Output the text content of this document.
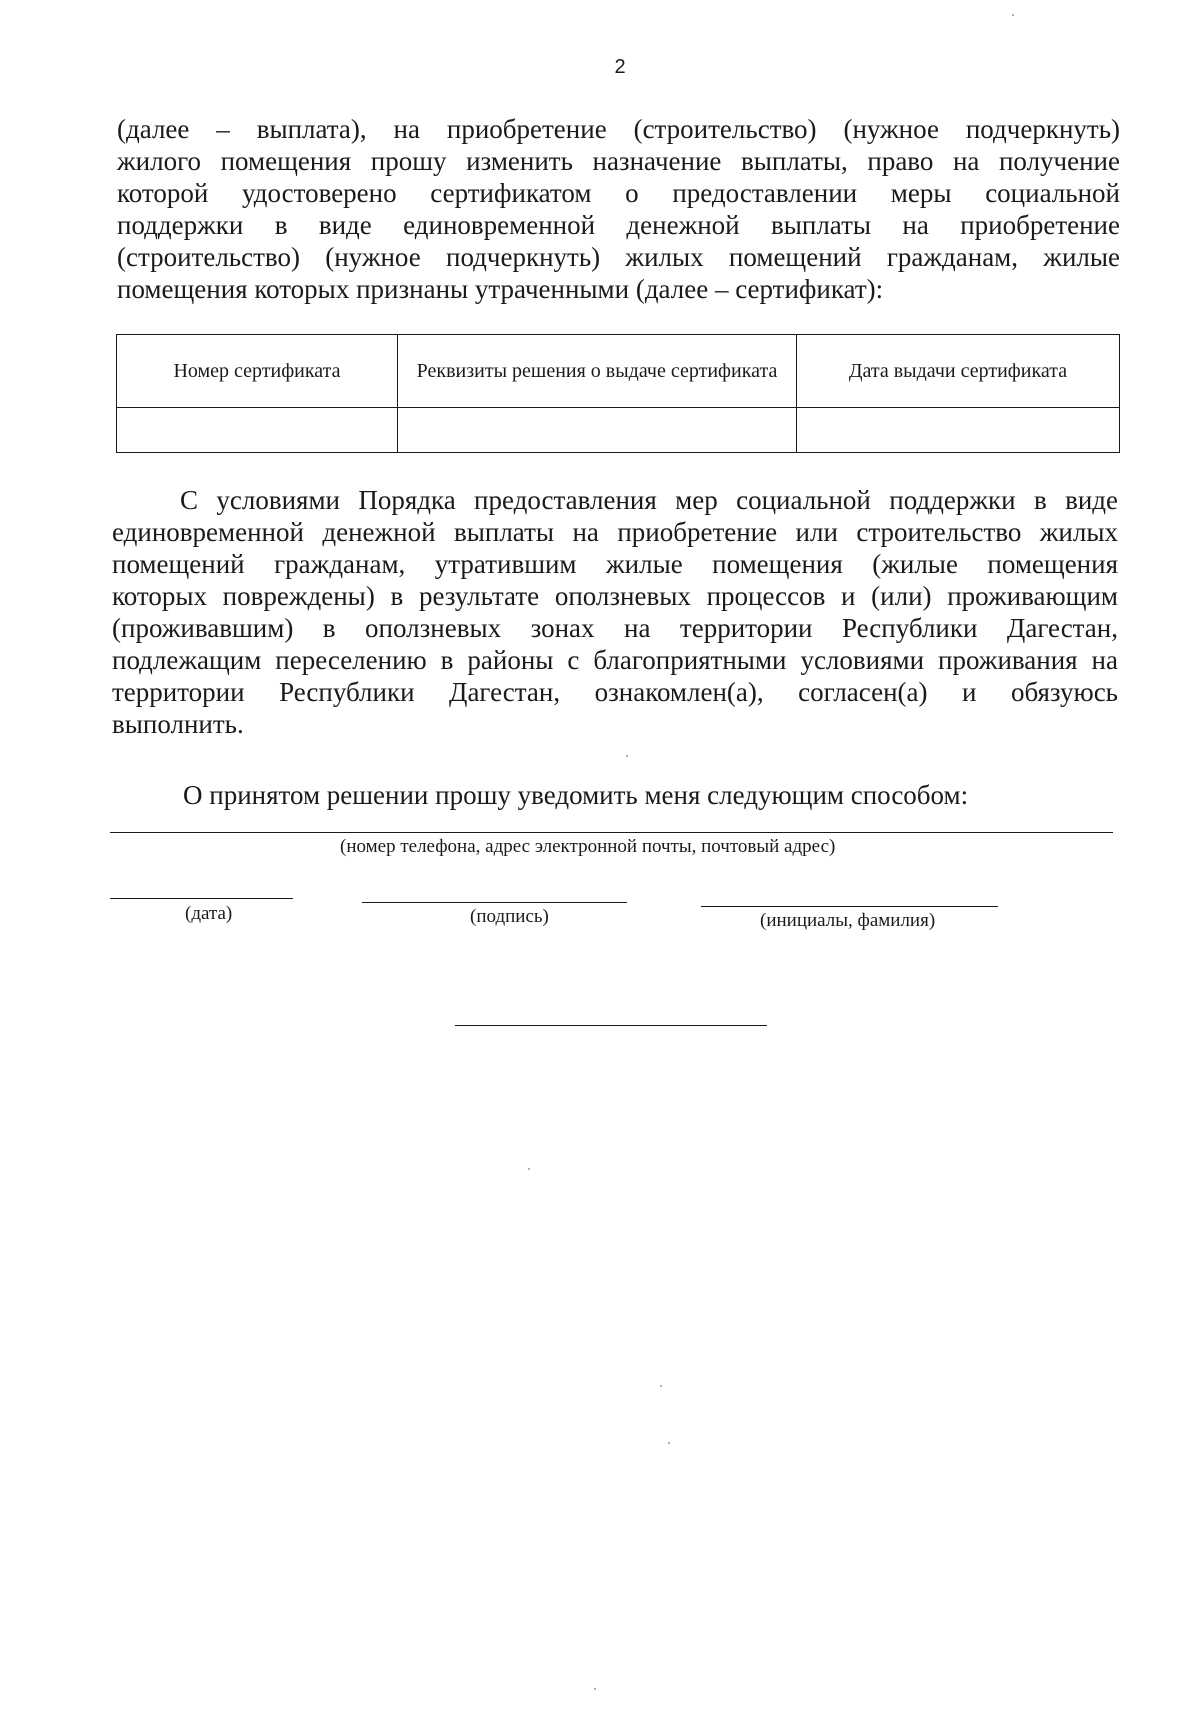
2

(далее – выплата), на приобретение (строительство) (нужное подчеркнуть)
жилого помещения прошу изменить назначение выплаты, право на получение
которой удостоверено сертификатом о предоставлении меры социальной
поддержки в виде единовременной денежной выплаты на приобретение
(строительство) (нужное подчеркнуть) жилых помещений гражданам, жилые
помещения которых признаны утраченными (далее – сертификат):

Номер сертификата	Реквизиты решения о выдаче сертификата	Дата выдачи сертификата

С условиями Порядка предоставления мер социальной поддержки в виде
единовременной денежной выплаты на приобретение или строительство жилых
помещений гражданам, утратившим жилые помещения (жилые помещения
которых повреждены) в результате оползневых процессов и (или) проживающим
(проживавшим) в оползневых зонах на территории Республики Дагестан,
подлежащим переселению в районы с благоприятными условиями проживания на
территории Республики Дагестан, ознакомлен(а), согласен(а) и обязуюсь
выполнить.

О принятом решении прошу уведомить меня следующим способом:
(номер телефона, адрес электронной почты, почтовый адрес)
(дата)	(подпись)	(инициалы, фамилия)
